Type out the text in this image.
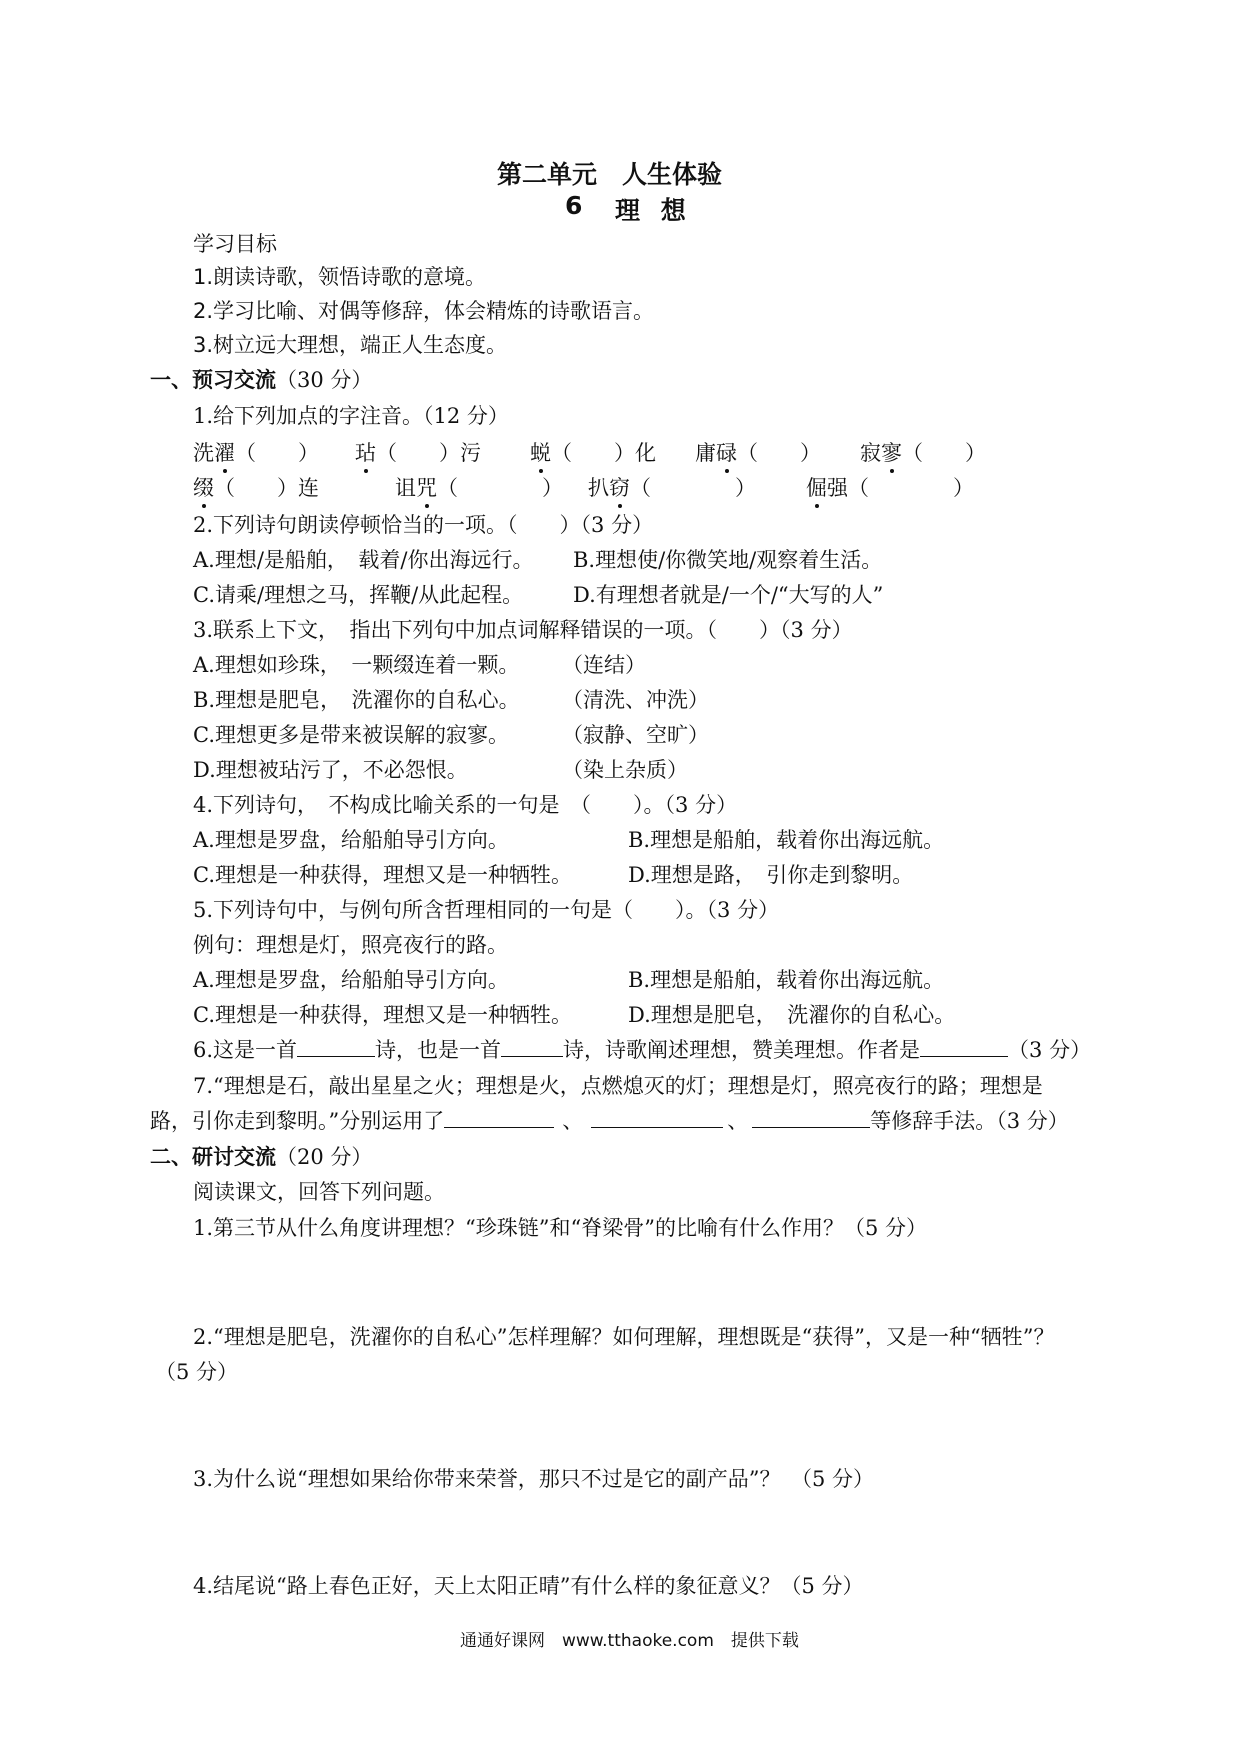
第二单元　人生体验
6 理 想
学习目标
1.朗读诗歌，领悟诗歌的意境。
2.学习比喻、对偶等修辞，体会精炼的诗歌语言。
3.树立远大理想，端正人生态度。
一、预习交流（30 分）
1.给下列加点的字注音。（12 分）
洗濯（　　） 玷（　　）污 蜕（　　）化 庸碌（　　） 寂寥（　　）
缀（　　）连	诅咒（　　　　） 扒窃（　　　　） 倔强（　　　　）
2.下列诗句朗读停顿恰当的一项。（　　）（3 分）
A.理想/是船舶，　载着/你出海远行。 B.理想使/你微笑地/观察着生活。
C.请乘/理想之马，挥鞭/从此起程。 D.有理想者就是/一个/“大写的人”
3.联系上下文，　指出下列句中加点词解释错误的一项。（　　）（3 分）
A.理想如珍珠，　一颗缀连着一颗。 （连结）
B.理想是肥皂，　洗濯你的自私心。 （清洗、冲洗）
C.理想更多是带来被误解的寂寥。	（寂静、空旷）
D.理想被玷污了，不必怨恨。	（染上杂质）
4.下列诗句，　不构成比喻关系的一句是　（　　）。（3 分）
A.理想是罗盘，给船舶导引方向。	B.理想是船舶，载着你出海远航。
C.理想是一种获得，理想又是一种牺牲。	D.理想是路，　引你走到黎明。
5.下列诗句中，与例句所含哲理相同的一句是（　　）。（3 分）
例句：理想是灯，照亮夜行的路。
A.理想是罗盘，给船舶导引方向。	B.理想是船舶，载着你出海远航。
C.理想是一种获得，理想又是一种牺牲。	D.理想是肥皂，　洗濯你的自私心。
6.这是一首	诗，也是一首	诗，诗歌阐述理想，赞美理想。作者是	（3 分）
7.“理想是石，敲出星星之火；理想是火，点燃熄灭的灯；理想是灯，照亮夜行的路；理想是
路，引你走到黎明。”分别运用了	、	、	等修辞手法。（3 分）
二、研讨交流（20 分）
阅读课文，回答下列问题。
1.第三节从什么角度讲理想？“珍珠链”和“脊梁骨”的比喻有什么作用？（5 分）
2.“理想是肥皂，洗濯你的自私心”怎样理解？如何理解，理想既是“获得”，又是一种“牺牲”？
（5 分）
3.为什么说“理想如果给你带来荣誉，那只不过是它的副产品”？　（5 分）
4.结尾说“路上春色正好，天上太阳正晴”有什么样的象征意义？（5 分）
通通好课网　www.tthaoke.com　提供下载
